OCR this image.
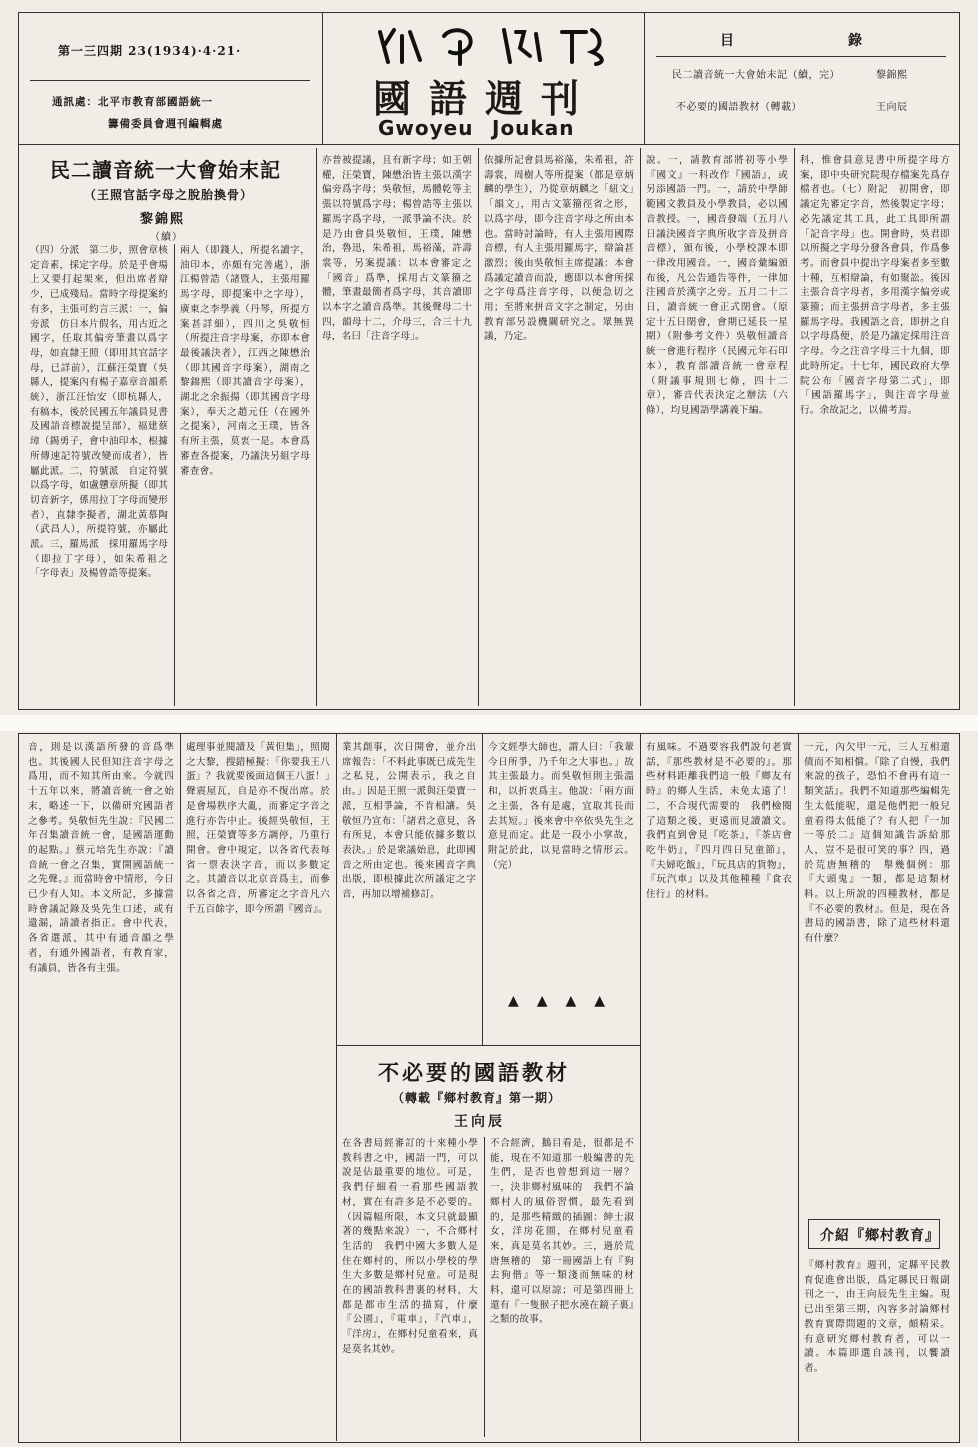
第一三四期 23(1934)·4·21·
通訊處：北平市教育部國語統一
籌備委員會週刊編輯處
國語週刊
Gwoyeu Joukan
目	錄
民二讀音統一大會始末記（續，完）	黎錦熙
不必要的國語教材（轉載）	王向辰
民二讀音統一大會始末記
（王照官話字母之脫胎換骨）
黎錦熙
（續）
（四）分派　第二步，照會章核定音素，採定字母。於是乎會場上又要打起架來，但出席者辯少，已成殘局。當時字母提案約有多，主張可約言三派：一，偏旁派　仿日本片假名，用古近之國字，任取其偏旁筆畫以爲字母，如直隸王照（即用其官話字母，已詳前），江蘇汪榮寶（吳縣人，提案內有楊子嘉章音韻系統），浙江汪怡安（即杭縣人，有稿本，後於民國五年議員見書及國語音標說提呈部），福建蔡璋（錫勇子，會中油印本，根據所傳速記符號改變而成者），皆屬此派。二，符號派　自定符號以爲字母，如盧戇章所擬（即其切音新字，係用拉丁字母而變形者），直隸李擬者，湖北黃慕陶（武昌人），所提符號，亦屬此派。三，羅馬派　採用羅馬字母（即拉丁字母），如朱希祖之「字母表」及楊曾誥等提案。
兩人（即錢人，所提名讀字，油印本，亦頗有完善處），浙江楊曾誥（諸暨人，主張用羅馬字母，即提案中之字母），廣東之李學義（丹琴，所提方案甚詳細），四川之吳敬恒（所提注音字母案，亦即本會最後議決者），江西之陳懋治（即其國音字母案），湖南之黎錦熙（即其讀音字母案），湖北之余振揚（即其國音字母案），奉天之趙元任（在國外之提案），河南之王璞，皆各有所主張，莫衷一是。本會爲審查各提案，乃議決另組字母審查會。
亦普被提議，且有新字母；如王朝權，汪榮寶，陳懋治皆主張以漢字偏旁爲字母；吳敬恒，馬體乾等主張以符號爲字母；楊曾誥等主張以羅馬字爲字母，一派爭論不決。於是乃由會員吳敬恒，王璞，陳懋治，魯迅，朱希祖，馬裕藻，許壽裳等，另案提議：以本會審定之「國音」爲準，採用古文篆籀之體，筆畫最簡者爲字母，其音讀即以本字之讀音爲準。其後聲母二十四，韻母十二，介母三，合三十九母，名曰「注音字母」。
依據所記會員馬裕藻，朱希祖，許壽裳，周樹人等所提案（都是章炳麟的學生），乃從章炳麟之「紐文」「韻文」，用古文篆籀徑省之形，以爲字母，即今注音字母之所由本也。當時討論時，有人主張用國際音標，有人主張用羅馬字，辯論甚激烈；後由吳敬恒主席提議：本會爲議定讀音而設，應即以本會所採之字母爲注音字母，以便急切之用；至將來拼音文字之制定，另由教育部另設機關研究之。眾無異議，乃定。
說。一，請教育部將初等小學『國文』一科改作『國語』，或另添國語一門。一，請於中學師範國文教員及小學教員，必以國音教授。一，國音發端（五月八日議決國音字典所收字音及拼音音標），頒布後，小學校課本即一律改用國音。一，國音彙編頒布後，凡公告通告等件，一律加注國音於漢字之旁。五月二十二日，讀音統一會正式閉會。（原定十五日閉會，會期已延長一星期）（附參考文件）吳敬恒讀音統一會進行程序（民國元年石印本），教育部讀音統一會章程（附議事規則七條，四十二章），審音代表決定之辦法（六條），均見國語學講義下編。
科，惟會員意見書中所提字母方案，即中央研究院現存檔案先爲存檔者也。（七）附記　初開會，即議定先審定字音，然後製定字母；必先議定其工具，此工具即所謂「記音字母」也。開會時，吳君即以所擬之字母分發各會員，作爲參考。而會員中提出字母案者多至數十種，互相辯論，有如聚訟。後因主張合音字母者，多用漢字偏旁或篆籀；而主張拼音字母者，多主張羅馬字母。我國語之音，即拼之自以字母爲便，於是乃議定採用注音字母。今之注音字母三十九個，即此時所定。十七年，國民政府大學院公布「國音字母第二式」，即「國語羅馬字」，與注音字母並行。余故記之，以備考焉。
音，則是以漢語所發的音爲準也。其後國人民但知注音字母之爲用，而不知其所由來。今就四十五年以來，將讀音統一會之始末，略述一下，以備研究國語者之參考。吳敬恒先生說：『民國二年召集讀音統一會，是國語運動的起點。』蔡元培先生亦說：『讀音統一會之召集，實開國語統一之先聲。』而當時會中情形，今日已少有人知。本文所記，多據當時會議記錄及吳先生口述，或有遺漏，請讀者指正。會中代表，各省選派，其中有通音韻之學者，有通外國語者，有教育家，有議員，皆各有主張。
處理事並閱讀及「黃但集」，照閱之大黎，搜錯極擬：「你要我王八蛋」？我就要後面這個王八蛋！」聲震屋瓦，自是亦不復出席。於是會場秩序大亂，而審定字音之進行亦告中止。後經吳敬恒，王照，汪榮寶等多方調停，乃重行開會。會中規定，以各省代表每省一票表決字音，而以多數定之。其讀音以北京音爲主，而參以各省之音，所審定之字音凡六千五百餘字，即今所謂『國音』。
業其創事，次日開會，並介出席報告：「不料此事既已成先生之私見，公開表示，我之自由。」因是王照一派與汪榮寶一派，互相爭論，不肯相讓。吳敬恒乃宣布：「諸君之意見，各有所見，本會只能依據多數以表決。」於是衆議始息，此即國音之所由定也。後來國音字典出版，即根據此次所議定之字音，再加以增補修訂。
今文經學大師也，謂人曰：「我輩今日所爭，乃千年之大事也。」故其主張最力。而吳敬恒則主張溫和，以折衷爲主。他說：「兩方面之主張，各有是處，宜取其長而去其短。」後來會中卒依吳先生之意見而定。此是一段小小掌故，附記於此，以見當時之情形云。（完）
▲▲▲▲
不必要的國語教材
（轉載『鄉村教育』第一期）
王向辰
在各書局經審訂的十來種小學教科書之中，國語一門，可以說是佔最重要的地位。可是，我們仔細看一看那些國語教材，實在有許多是不必要的。（因篇幅所限，本文只就最顯著的幾點來說）一，不合鄉村生活的　我們中國大多數人是住在鄉村的，所以小學校的學生大多數是鄉村兒童。可是現在的國語教科書裏的材料，大都是都市生活的描寫，什麼『公園』，『電車』，『汽車』，『洋房』，在鄉村兒童看來，真是莫名其妙。
不合經濟，鵝目看是，很都是不能，現在不知道那一般編書的先生們，是否也曾想到這一層？一，決非鄉村風味的　我們不論鄉村人的風俗習慣，最先看到的，是那些精緻的插圖：紳士淑女，洋房花園，在鄉村兒童看來，真是莫名其妙。三，過於荒唐無稽的　第一冊國語上有『狗去狗偕』等一類淺而無味的材料，還可以原諒；可是第四冊上還有『一隻猴子把水澆在鏡子裏』之類的故事。
有風味。不過要容我們說句老實話，『那些教材是不必要的』。那些材料距離我們這一般『鄉友有時』的鄉人生活，未免太遠了！二，不合現代需要的　我們檢閱了這類之後，更遠而見讀讀文。我們直到會見『吃茶』，『茶店會吃牛奶』，『四月四日兒童節』，『夫婦吃飯』，『玩具店的貨物』，『玩汽車』以及其他種種『食衣住行』的材料。
一元，內欠甲一元，三人互相還債而不知相償。『除了自慢，我們來說的孩子，恐怕不會再有這一類笑話』。我們不知道那些編輯先生太低能呢，還是他們把一般兒童看得太低能了？有人把『一加一等於二』這個知識告訴給那人，豈不是很可笑的事？四，過於荒唐無稽的　舉幾個例：那『大頭鬼』一類，都是這類材料。以上所說的四種教材，都是『不必要的教材』。但是，現在各書局的國語書，除了這些材料還有什麼？
介紹『鄉村教育』
『鄉村教育』週刊，定縣平民教育促進會出版，爲定縣民日報副刊之一，由王向辰先生主編。現已出至第三期，內容多討論鄉村教育實際問題的文章，頗精采。有意研究鄉村教育者，可以一讀。本篇即選自該刊，以饗讀者。
